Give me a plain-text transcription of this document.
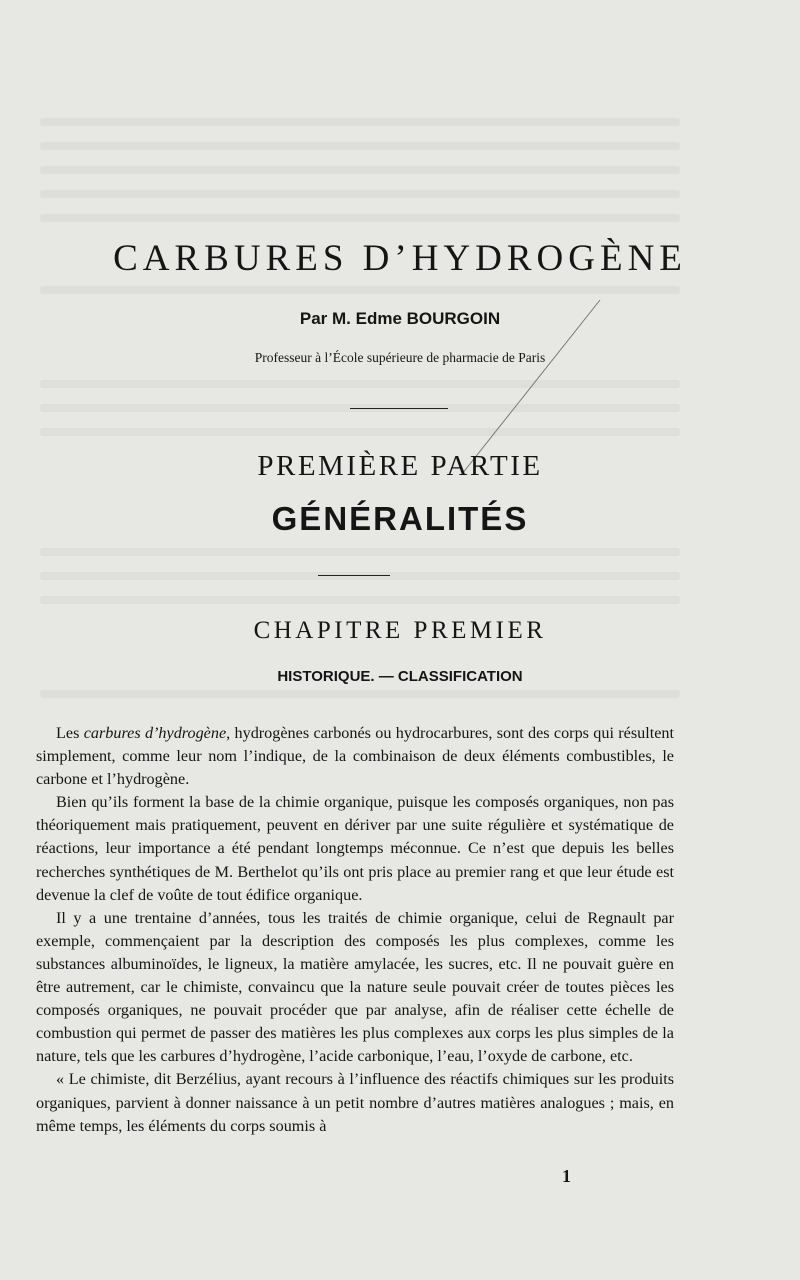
CARBURES D’HYDROGÈNE
Par M. Edme BOURGOIN
Professeur à l’École supérieure de pharmacie de Paris
PREMIÈRE PARTIE
GÉNÉRALITÉS
CHAPITRE PREMIER
HISTORIQUE. — CLASSIFICATION

Les carbures d’hydrogène, hydrogènes carbonés ou hydrocarbures, sont des corps qui résultent simplement, comme leur nom l’indique, de la combinaison de deux éléments combustibles, le carbone et l’hydrogène.

Bien qu’ils forment la base de la chimie organique, puisque les composés organiques, non pas théoriquement mais pratiquement, peuvent en dériver par une suite régulière et systématique de réactions, leur importance a été pendant longtemps méconnue. Ce n’est que depuis les belles recherches synthétiques de M. Berthelot qu’ils ont pris place au premier rang et que leur étude est devenue la clef de voûte de tout édifice organique.

Il y a une trentaine d’années, tous les traités de chimie organique, celui de Regnault par exemple, commençaient par la description des composés les plus complexes, comme les substances albuminoïdes, le ligneux, la matière amylacée, les sucres, etc. Il ne pouvait guère en être autrement, car le chimiste, convaincu que la nature seule pouvait créer de toutes pièces les composés organiques, ne pouvait procéder que par analyse, afin de réaliser cette échelle de combustion qui permet de passer des matières les plus complexes aux corps les plus simples de la nature, tels que les carbures d’hydrogène, l’acide carbonique, l’eau, l’oxyde de carbone, etc.

« Le chimiste, dit Berzélius, ayant recours à l’influence des réactifs chimiques sur les produits organiques, parvient à donner naissance à un petit nombre d’autres matières analogues ; mais, en même temps, les éléments du corps soumis à

1
